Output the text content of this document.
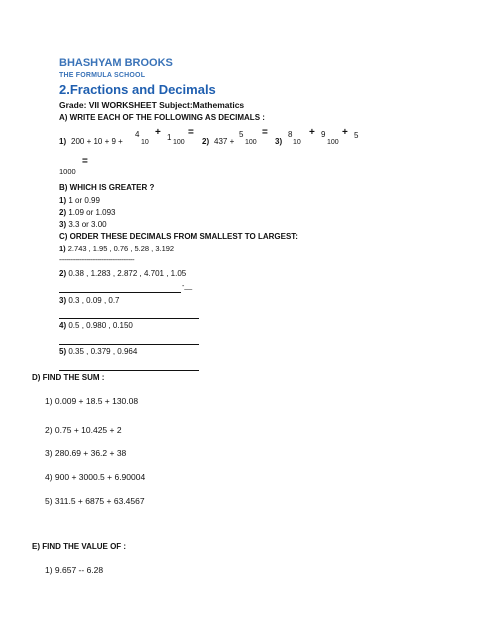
BHASHYAM BROOKS
THE FORMULA SCHOOL
2.Fractions and Decimals
Grade: VII WORKSHEET Subject:Mathematics
A) WRITE EACH OF THE FOLLOWING AS DECIMALS :
1) 200 + 10 + 9 +
4
10
+ 1
100
=
2) 437 +
5
100
=
3)
8
10
+ 9
100
+ 5
=
1000
B) WHICH IS GREATER ?
1) 1 or 0.99
2) 1.09 or 1.093
3) 3.3 or 3.00
C) ORDER THESE DECIMALS FROM SMALLEST TO LARGEST:
1) 2.743 , 1.95 , 0.76 , 5.28 , 3.192
-----------------------------------------
2) 0.38 , 1.283 , 2.872 , 4.701 , 1.05
-__
3) 0.3 , 0.09 , 0.7
4) 0.5 , 0.980 , 0.150
5) 0.35 , 0.379 , 0.964
D) FIND THE SUM :
1) 0.009 + 18.5 + 130.08
2) 0.75 + 10.425 + 2
3) 280.69 + 36.2 + 38
4) 900 + 3000.5 + 6.90004
5) 311.5 + 6875 + 63.4567
E) FIND THE VALUE OF :
1) 9.657 -- 6.28
